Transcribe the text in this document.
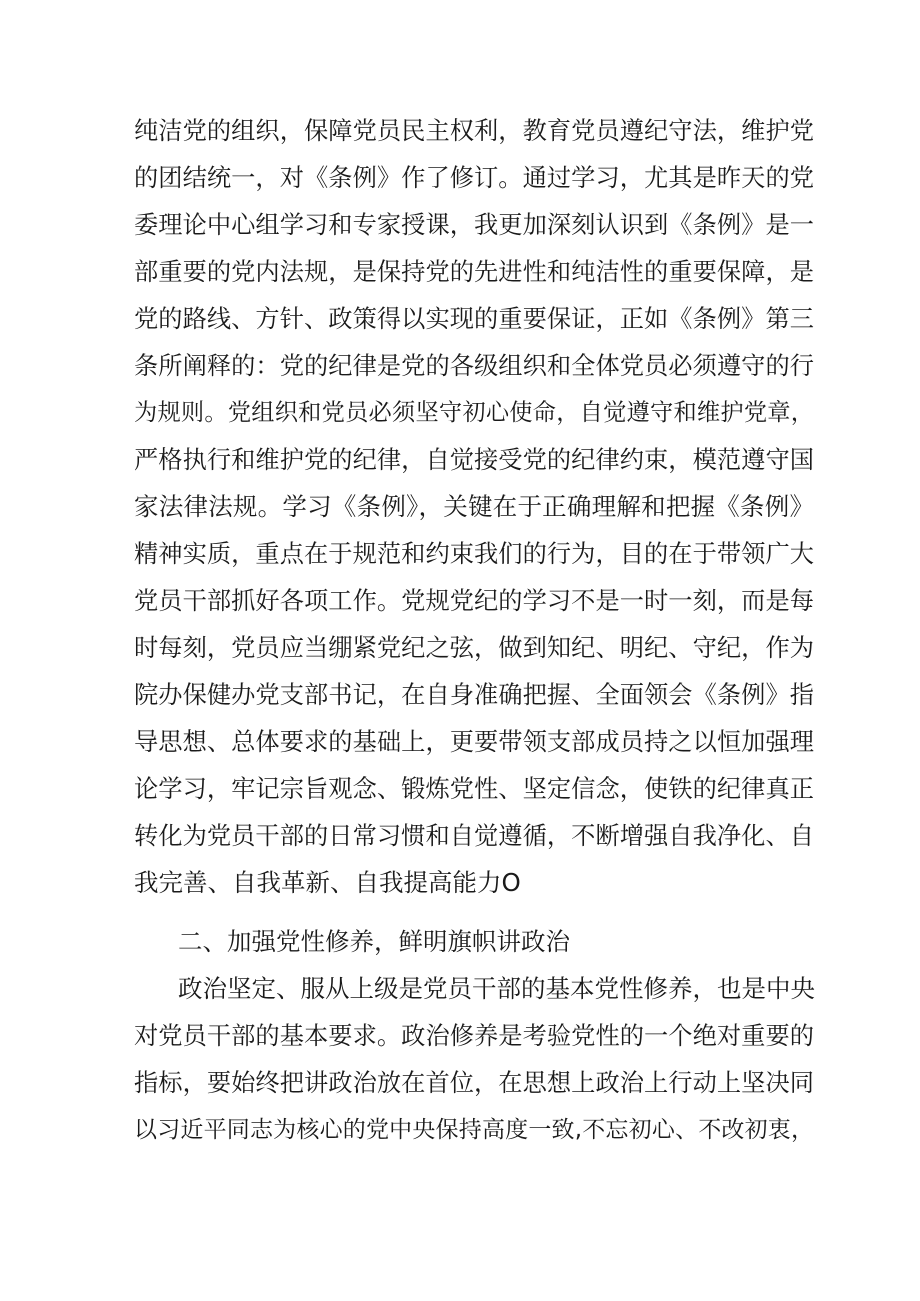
纯洁党的组织，保障党员民主权利，教育党员遵纪守法，维护党
的团结统一，对《条例》作了修订。通过学习，尤其是昨天的党
委理论中心组学习和专家授课，我更加深刻认识到《条例》是一
部重要的党内法规，是保持党的先进性和纯洁性的重要保障，是
党的路线、方针、政策得以实现的重要保证，正如《条例》第三
条所阐释的：党的纪律是党的各级组织和全体党员必须遵守的行
为规则。党组织和党员必须坚守初心使命，自觉遵守和维护党章，
严格执行和维护党的纪律，自觉接受党的纪律约束，模范遵守国
家法律法规。学习《条例》，关键在于正确理解和把握《条例》
精神实质，重点在于规范和约束我们的行为，目的在于带领广大
党员干部抓好各项工作。党规党纪的学习不是一时一刻，而是每
时每刻，党员应当绷紧党纪之弦，做到知纪、明纪、守纪，作为
院办保健办党支部书记，在自身准确把握、全面领会《条例》指
导思想、总体要求的基础上，更要带领支部成员持之以恒加强理
论学习，牢记宗旨观念、锻炼党性、坚定信念，使铁的纪律真正
转化为党员干部的日常习惯和自觉遵循，不断增强自我净化、自
我完善、自我革新、自我提高能力O
二、加强党性修养，鲜明旗帜讲政治
政治坚定、服从上级是党员干部的基本党性修养，也是中央
对党员干部的基本要求。政治修养是考验党性的一个绝对重要的
指标，要始终把讲政治放在首位，在思想上政治上行动上坚决同
以习近平同志为核心的党中央保持高度一致,不忘初心、不改初衷，
